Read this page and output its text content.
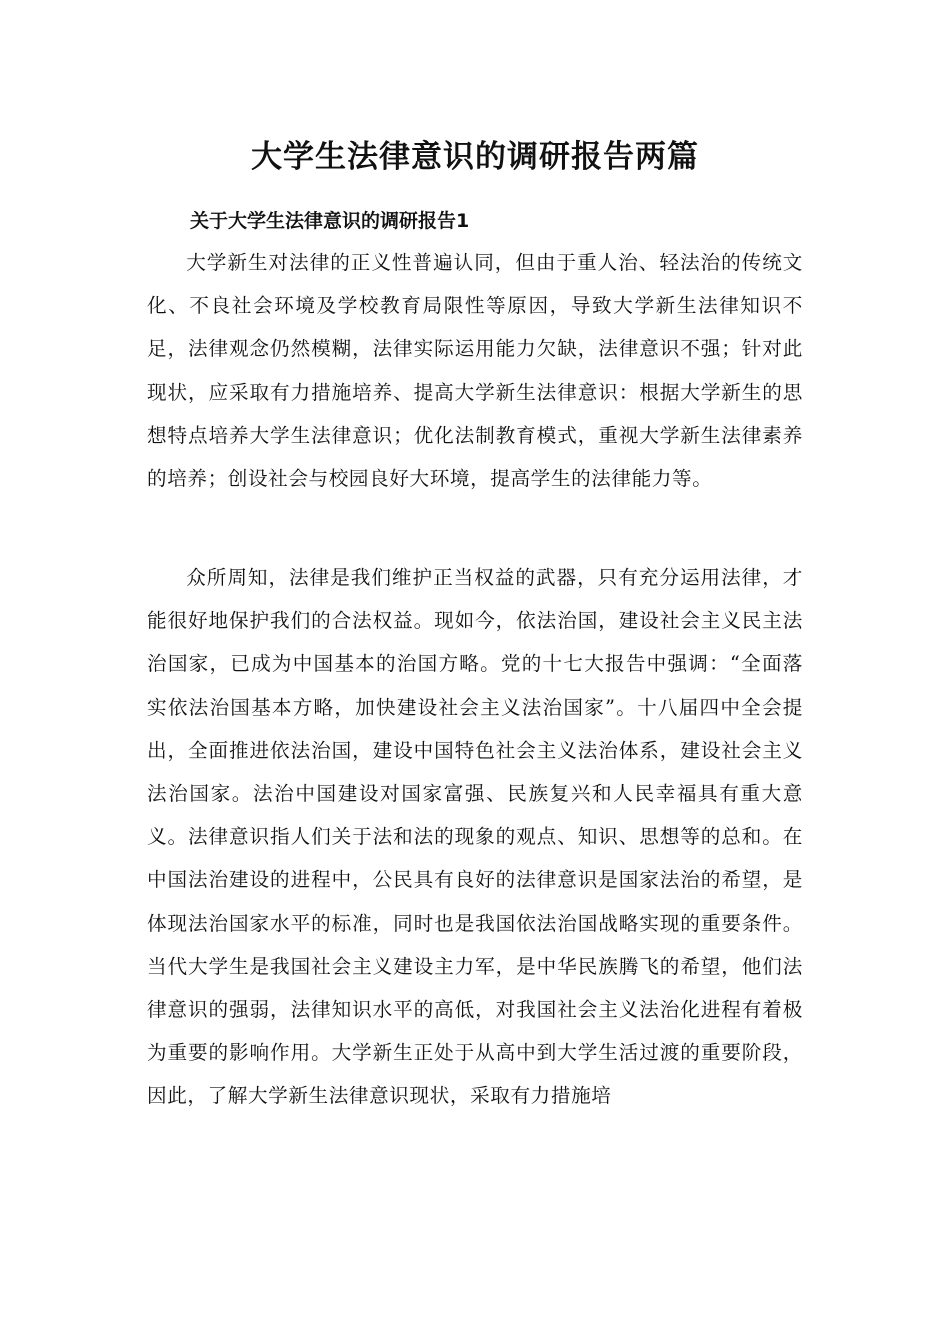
大学生法律意识的调研报告两篇
关于大学生法律意识的调研报告1

大学新生对法律的正义性普遍认同，但由于重人治、轻法治的传统文化、不良社会环境及学校教育局限性等原因，导致大学新生法律知识不足，法律观念仍然模糊，法律实际运用能力欠缺，法律意识不强；针对此现状，应采取有力措施培养、提高大学新生法律意识：根据大学新生的思想特点培养大学生法律意识；优化法制教育模式，重视大学新生法律素养的培养；创设社会与校园良好大环境，提高学生的法律能力等。

众所周知，法律是我们维护正当权益的武器，只有充分运用法律，才能很好地保护我们的合法权益。现如今，依法治国，建设社会主义民主法治国家，已成为中国基本的治国方略。党的十七大报告中强调：“全面落实依法治国基本方略，加快建设社会主义法治国家”。十八届四中全会提出，全面推进依法治国，建设中国特色社会主义法治体系，建设社会主义法治国家。法治中国建设对国家富强、民族复兴和人民幸福具有重大意义。法律意识指人们关于法和法的现象的观点、知识、思想等的总和。在中国法治建设的进程中，公民具有良好的法律意识是国家法治的希望，是体现法治国家水平的标准，同时也是我国依法治国战略实现的重要条件。当代大学生是我国社会主义建设主力军，是中华民族腾飞的希望，他们法律意识的强弱，法律知识水平的高低，对我国社会主义法治化进程有着极为重要的影响作用。大学新生正处于从高中到大学生活过渡的重要阶段，因此，了解大学新生法律意识现状，采取有力措施培
